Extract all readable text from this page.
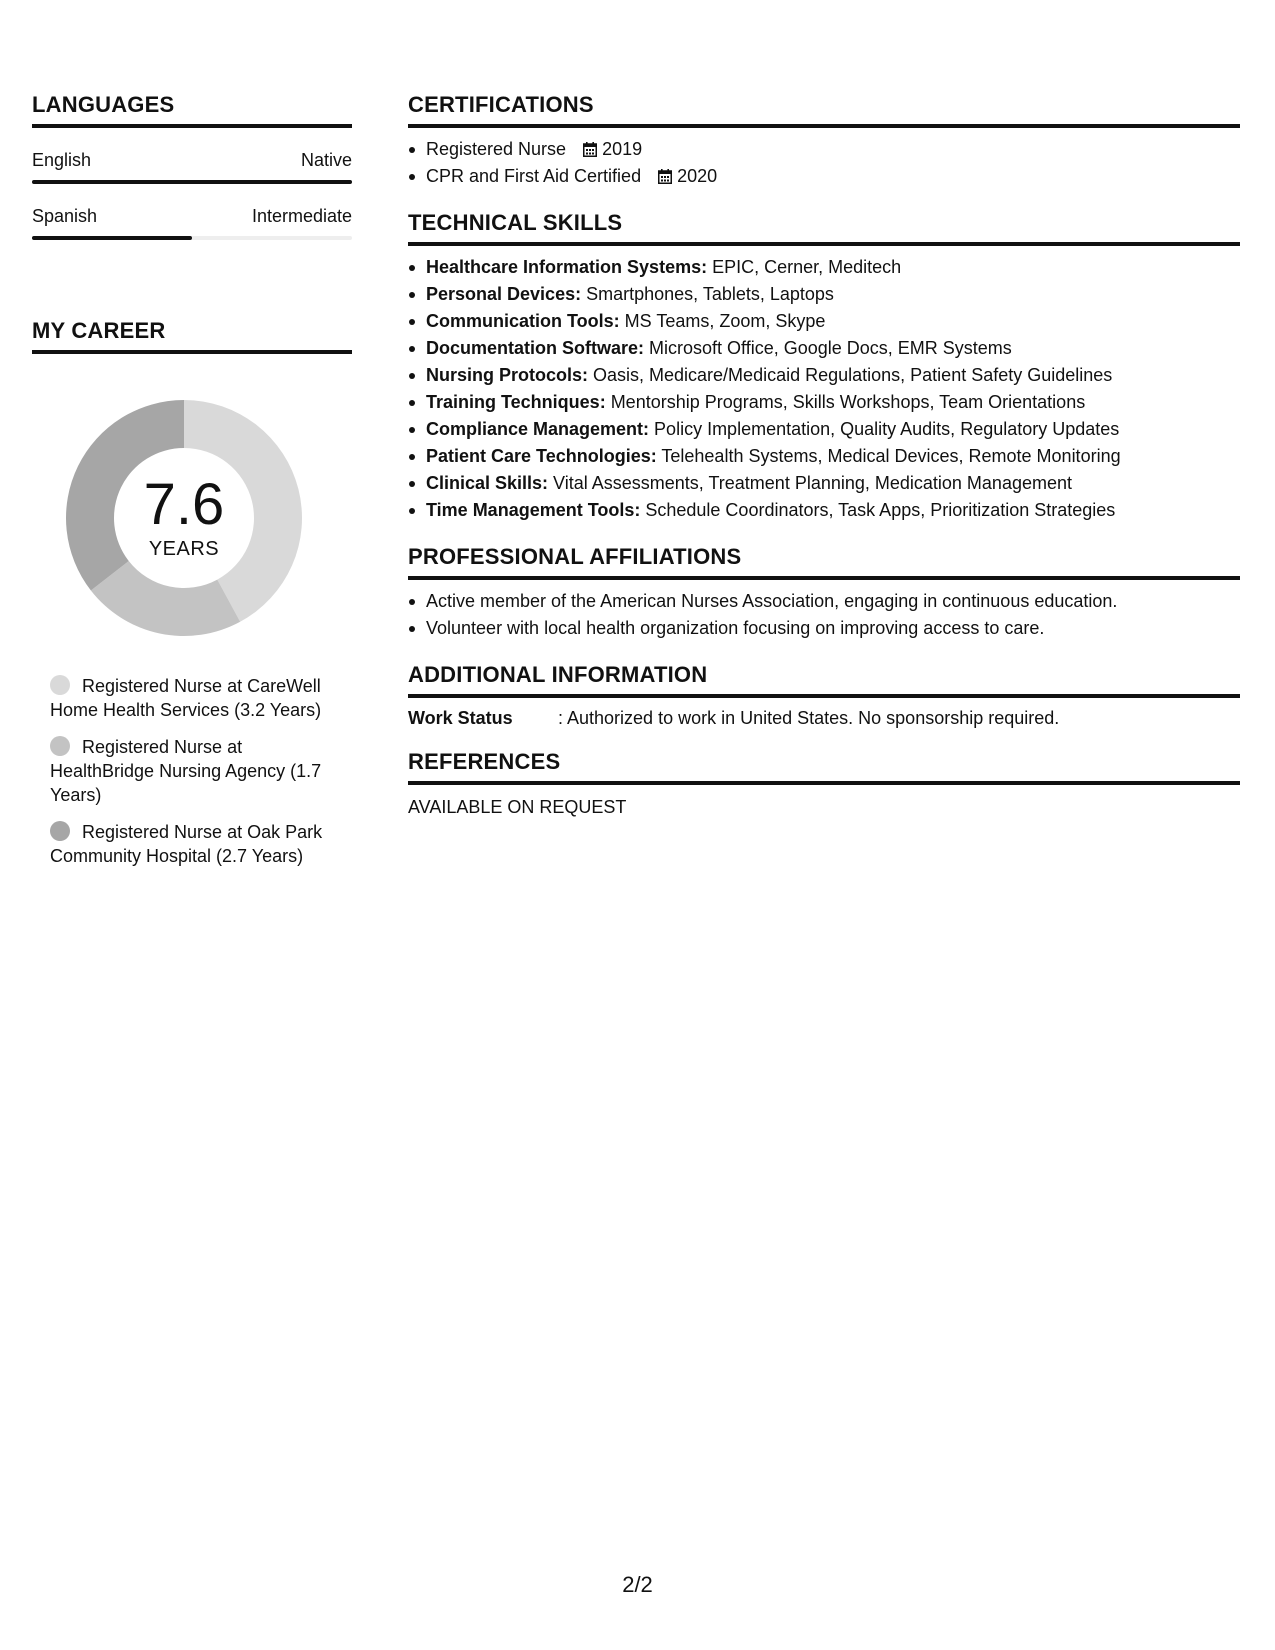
LANGUAGES
English	Native
Spanish	Intermediate
MY CAREER
7.6
YEARS
Registered Nurse at CareWell Home Health Services (3.2 Years)
Registered Nurse at HealthBridge Nursing Agency (1.7 Years)
Registered Nurse at Oak Park Community Hospital (2.7 Years)
CERTIFICATIONS
Registered Nurse 2019
CPR and First Aid Certified 2020
TECHNICAL SKILLS
Healthcare Information Systems: EPIC, Cerner, Meditech
Personal Devices: Smartphones, Tablets, Laptops
Communication Tools: MS Teams, Zoom, Skype
Documentation Software: Microsoft Office, Google Docs, EMR Systems
Nursing Protocols: Oasis, Medicare/Medicaid Regulations, Patient Safety Guidelines
Training Techniques: Mentorship Programs, Skills Workshops, Team Orientations
Compliance Management: Policy Implementation, Quality Audits, Regulatory Updates
Patient Care Technologies: Telehealth Systems, Medical Devices, Remote Monitoring
Clinical Skills: Vital Assessments, Treatment Planning, Medication Management
Time Management Tools: Schedule Coordinators, Task Apps, Prioritization Strategies
PROFESSIONAL AFFILIATIONS
Active member of the American Nurses Association, engaging in continuous education.
Volunteer with local health organization focusing on improving access to care.
ADDITIONAL INFORMATION
Work Status	: Authorized to work in United States. No sponsorship required.
REFERENCES
AVAILABLE ON REQUEST
2/2
